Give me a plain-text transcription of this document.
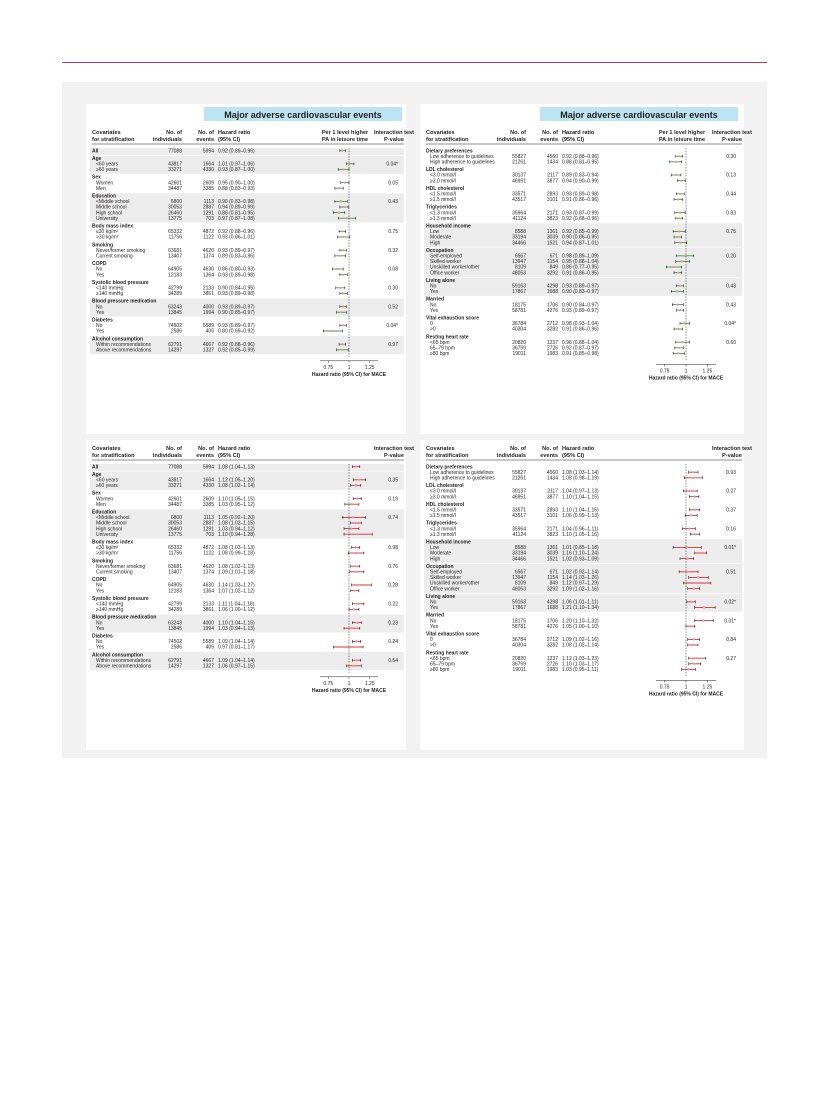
Major adverse cardiovascular events
Covariates for stratification
No. of individuals
No. of events
Hazard ratio (95% CI)
Per 1 level higher PA in leisure time
Interaction test P-value
All	77088	5994 0.92 (0.89–0.96)
Age
<60 years	43817	1664 1.01 (0.97–1.06)	0.04*
≥60 years	33271	4330 0.93 (0.87–1.00)
Sex
Women	42601	2609 0.95 (0.90–1.00)	0.05
Men	34487	3385 0.88 (0.83–0.93)
Education
<Middle school	6800	1113 0.90 (0.83–0.98)	0.43
Middle school	30053	2887 0.94 (0.89–0.99)
High school	26460	1291 0.88 (0.81–0.95)
University	13775	703 0.97 (0.87–1.08)
Body mass index
≤30 kg/m²	65332	4872 0.92 (0.88–0.96)	0.75
>30 kg/m²	11756	1122 0.93 (0.86–1.01)
Smoking
Never/former smoking	63681	4620 0.93 (0.89–0.97)	0.32
Current smoking	13407	1374 0.89 (0.83–0.96)
COPD
No	64905	4630 0.86 (0.80–0.93)	0.08
Yes	12183	1364 0.93 (0.89–0.98)
Systolic blood pressure
<140 mmHg	42799	2133 0.90 (0.84–0.95)	0.30
≥140 mmHg	34289	3861 0.93 (0.89–0.98)
Blood pressure medication
No	63243	4000 0.93 (0.89–0.97)	0.52
Yes	13845	1994 0.90 (0.85–0.97)
Diabetes
No	74502	5589 0.93 (0.89–0.97)	0.04*
Yes	2586	405 0.80 (0.69–0.92)
Alcohol consumption
Within recommendations	62791	4667 0.92 (0.88–0.96)	0.97
Above recommendations	14297	1327 0.92 (0.85–0.99)
0.75	1	1.25
Hazard ratio (95% CI) for MACE
Major adverse cardiovascular events
Covariates for stratification
No. of individuals
No. of events
Hazard ratio (95% CI)
Per 1 level higher PA in leisure time
Interaction test P-value
Dietary preferences
Low adherence to guidelines	55827	4560 0.92 (0.88–0.96)	0.30
High adherence to guidelines	21261	1434 0.88 (0.81–0.95)
LDL cholesterol
<3.0 mmol/l	30137	2117 0.89 (0.83–0.94)	0.13
≥3.0 mmol/l	46951	3877 0.94 (0.90–0.99)
HDL cholesterol
<1.5 mmol/l	33571	2893 0.93 (0.89–0.98)	0.44
≥1.5 mmol/l	43517	3101 0.91 (0.86–0.96)
Triglycerides
<1.3 mmol/l	35964	2171 0.93 (0.87–0.99)	0.83
≥1.3 mmol/l	41124	3823 0.92 (0.88–0.96)
Household income
Low	8588	1361 0.92 (0.85–0.99)	0.75
Moderate	33194	3039 0.90 (0.86–0.95)
High	34466	1521 0.94 (0.87–1.01)
Occupation
Self-employed	6567	671 0.98 (0.89–1.09)	0.20
Skilled worker	13947	1154 0.95 (0.88–1.04)
Unskilled worker/other	8109	849 0.86 (0.77–0.95)
Office worker	48053	3292 0.91 (0.86–0.95)
Living alone
No	59163	4298 0.93 (0.89–0.97)	0.43
Yes	17867	1688 0.90 (0.83–0.97)
Married
No	18175	1706 0.90 (0.84–0.97)	0.43
Yes	58781	4276 0.93 (0.89–0.97)
Vital exhaustion score
0	36784	2712 0.98 (0.93–1.04)	0.04*
>0	40304	3282 0.91 (0.86–0.96)
Resting heart rate
<65 bpm	20820	1237 0.96 (0.88–1.04)	0.60
65–79 bpm	36759	2726 0.92 (0.87–0.97)
≥80 bpm	19011	1983 0.91 (0.85–0.98)
0.75	1	1.25
Hazard ratio (95% CI) for MACE
Covariates for stratification
No. of individuals
No. of events
Hazard ratio (95% CI)
Interaction test P-value
All	77088	5994 1.08 (1.04–1.13)
Age
<60 years	43817	1664 1.12 (1.05–1.20)	0.35
≥60 years	33271	4330 1.08 (1.02–1.14)
Sex
Women	42601	2609 1.10 (1.05–1.15)	0.19
Men	34487	3385 1.03 (0.95–1.12)
Education
<Middle school	6800	1113 1.05 (0.92–1.20)	0.74
Middle school	30053	2887 1.08 (1.02–1.15)
High school	26460	1291 1.03 (0.94–1.12)
University	13775	703 1.10 (0.94–1.28)
Body mass index
≤30 kg/m²	65332	4872 1.08 (1.03–1.13)	0.98
>30 kg/m²	11756	1122 1.08 (0.99–1.18)
Smoking
Never/former smoking	63681	4620 1.08 (1.02–1.13)	0.76
Current smoking	13407	1374 1.09 (1.01–1.18)
COPD
No	64905	4630 1.14 (1.03–1.27)	0.28
Yes	12183	1364 1.07 (1.02–1.12)
Systolic blood pressure
<140 mmHg	42799	2133 1.11 (1.04–1.18)	0.22
≥140 mmHg	34289	3861 1.06 (1.00–1.12)
Blood pressure medication
No	63243	4000 1.10 (1.04–1.15)	0.23
Yes	13845	1994 1.03 (0.94–1.13)
Diabetes
No	74502	5589 1.09 (1.04–1.14)	0.24
Yes	2586	405 0.97 (0.81–1.17)
Alcohol consumption
Within recommendations	62791	4667 1.09 (1.04–1.14)	0.54
Above recommendations	14297	1327 1.06 (0.97–1.15)
0.75	1	1.25
Hazard ratio (95% CI) for MACE
Covariates for stratification
No. of individuals
No. of events
Hazard ratio (95% CI)
Interaction test P-value
Dietary preferences
Low adherence to guidelines	55827	4560 1.08 (1.03–1.14)	0.93
High adherence to guidelines	21261	1434 1.08 (0.98–1.19)
LDL cholesterol
<3.0 mmol/l	30137	2117 1.04 (0.97–1.13)	0.27
≥3.0 mmol/l	46951	3877 1.10 (1.04–1.15)
HDL cholesterol
<1.5 mmol/l	33571	2893 1.10 (1.04–1.16)	0.37
≥1.5 mmol/l	43517	3101 1.06 (0.99–1.13)
Triglycerides
<1.3 mmol/l	35964	2171 1.04 (0.96–1.11)	0.16
≥1.3 mmol/l	41124	3823 1.10 (1.05–1.16)
Household income
Low	8588	1361 1.01 (0.85–1.18)	0.01*
Moderate	33194	3039 1.16 (1.10–1.24)
High	34466	1521 1.02 (0.93–1.09)
Occupation
Self-employed	6567	671 1.02 (0.92–1.14)	0.51
Skilled worker	13947	1154 1.14 (1.03–1.26)
Unskilled worker/other	8109	849 1.12 (0.97–1.29)
Office worker	48053	3292 1.09 (1.02–1.16)
Living alone
No	59163	4298 1.06 (1.01–1.11)	0.02*
Yes	17867	1688 1.21 (1.10–1.34)
Married
No	18175	1706 1.20 (1.10–1.32)	0.01*
Yes	58781	4276 1.05 (1.00–1.10)
Vital exhaustion score
0	36784	2712 1.09 (1.02–1.16)	0.84
>0	40304	3282 1.08 (1.02–1.14)
Resting heart rate
<65 bpm	20820	1237 1.12 (1.03–1.23)	0.27
65–79 bpm	36759	2726 1.10 (1.03–1.17)
≥80 bpm	19011	1983 1.03 (0.95–1.11)
0.75	1	1.25
Hazard ratio (95% CI) for MACE
